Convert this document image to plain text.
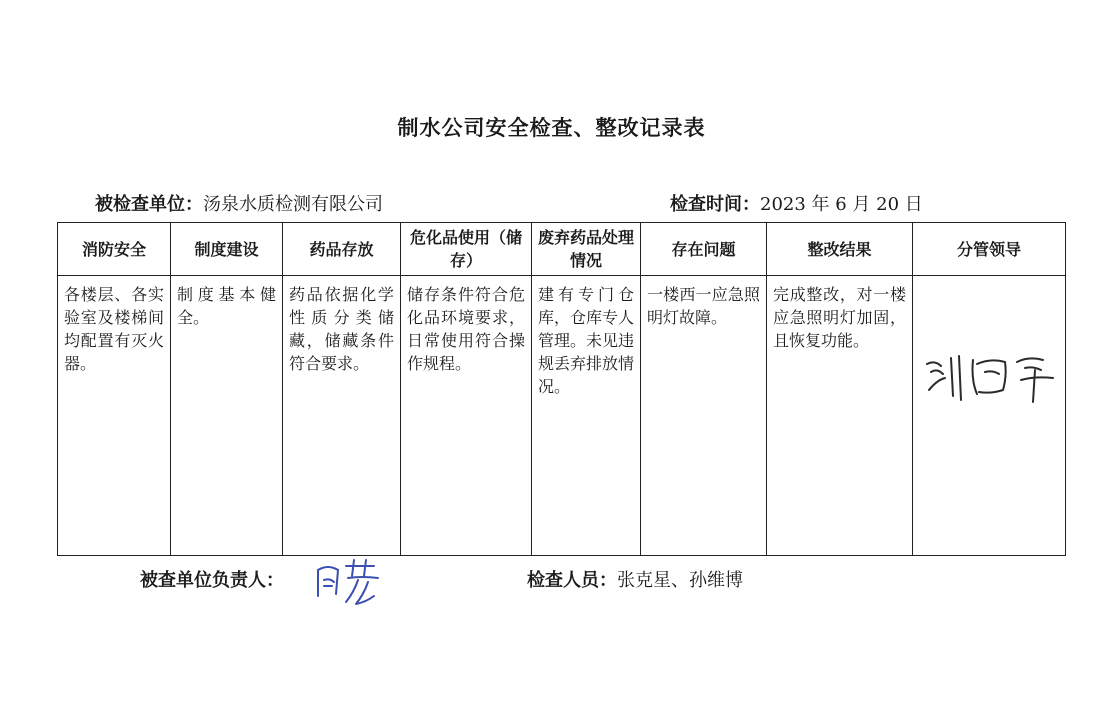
制水公司安全检查、整改记录表
被检查单位：汤泉水质检测有限公司	检查时间：2023 年 6 月 20 日
消防安全	制度建设	药品存放	危化品使用（储存）	废弃药品处理情况	存在问题	整改结果	分管领导
各楼层、各实验室及楼梯间均配置有灭火器。	制度基本健全。	药品依据化学性质分类储藏，储藏条件符合要求。	储存条件符合危化品环境要求，日常使用符合操作规程。	建有专门仓库，仓库专人管理。未见违规丢弃排放情况。	一楼西一应急照明灯故障。	完成整改，对一楼应急照明灯加固，且恢复功能。	
被查单位负责人：	检查人员：张克星、孙维博
